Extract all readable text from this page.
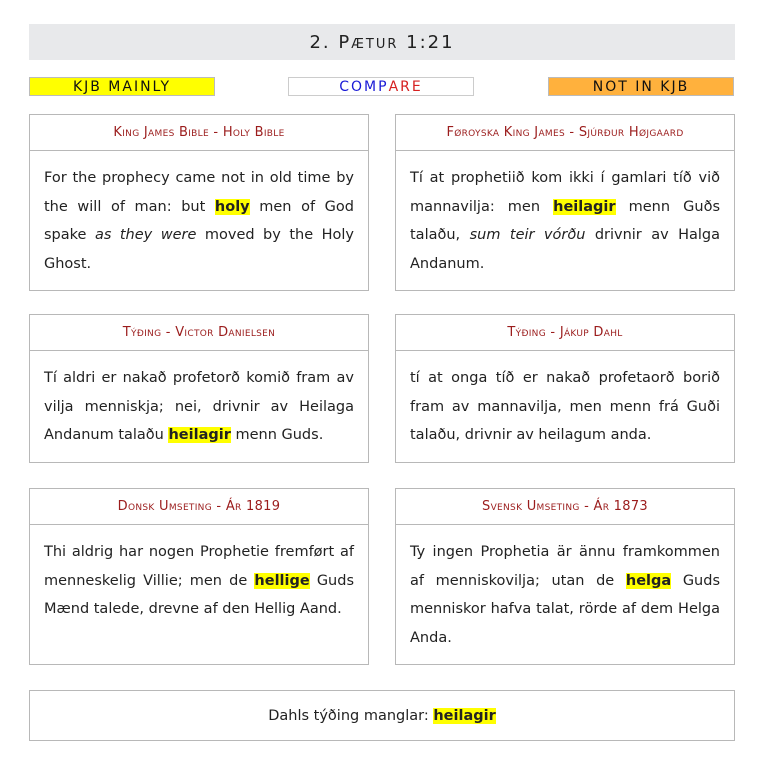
2.
Pætur
1:21
KJB MAINLY	COMP ARE	NOT IN KJB
King James Bible - Holy Bible
For the prophecy came not in old time by the will of man: but holy men of God spake as they were moved by the Holy Ghost.
Føroyska King James - Sjúrður Højgaard
Tí at prophetiið kom ikki í gamlari tíð við mannavilja: men heilagir menn Guðs talaðu, sum teir vórðu drivnir av Halga Andanum.
Týðing - Victor Danielsen
Tí aldri er nakað profetorð komið fram av vilja menniskja; nei, drivnir av Heilaga Andanum talaðu heilagir menn Guds.
Týðing - Jákup Dahl
tí at onga tíð er nakað profetaorð borið fram av mannavilja, men menn frá Guði talaðu, drivnir av heilagum anda.
Donsk Umseting - Ár 1819
Thi aldrig har nogen Prophetie fremført af menneskelig Villie; men de hellige Guds Mænd talede, drevne af den Hellig Aand.
Svensk Umseting - Ár 1873
Ty ingen Prophetia är ännu framkommen af menniskovilja; utan de helga Guds menniskor hafva talat, rörde af dem Helga Anda.
Dahls týðing manglar: heilagir
